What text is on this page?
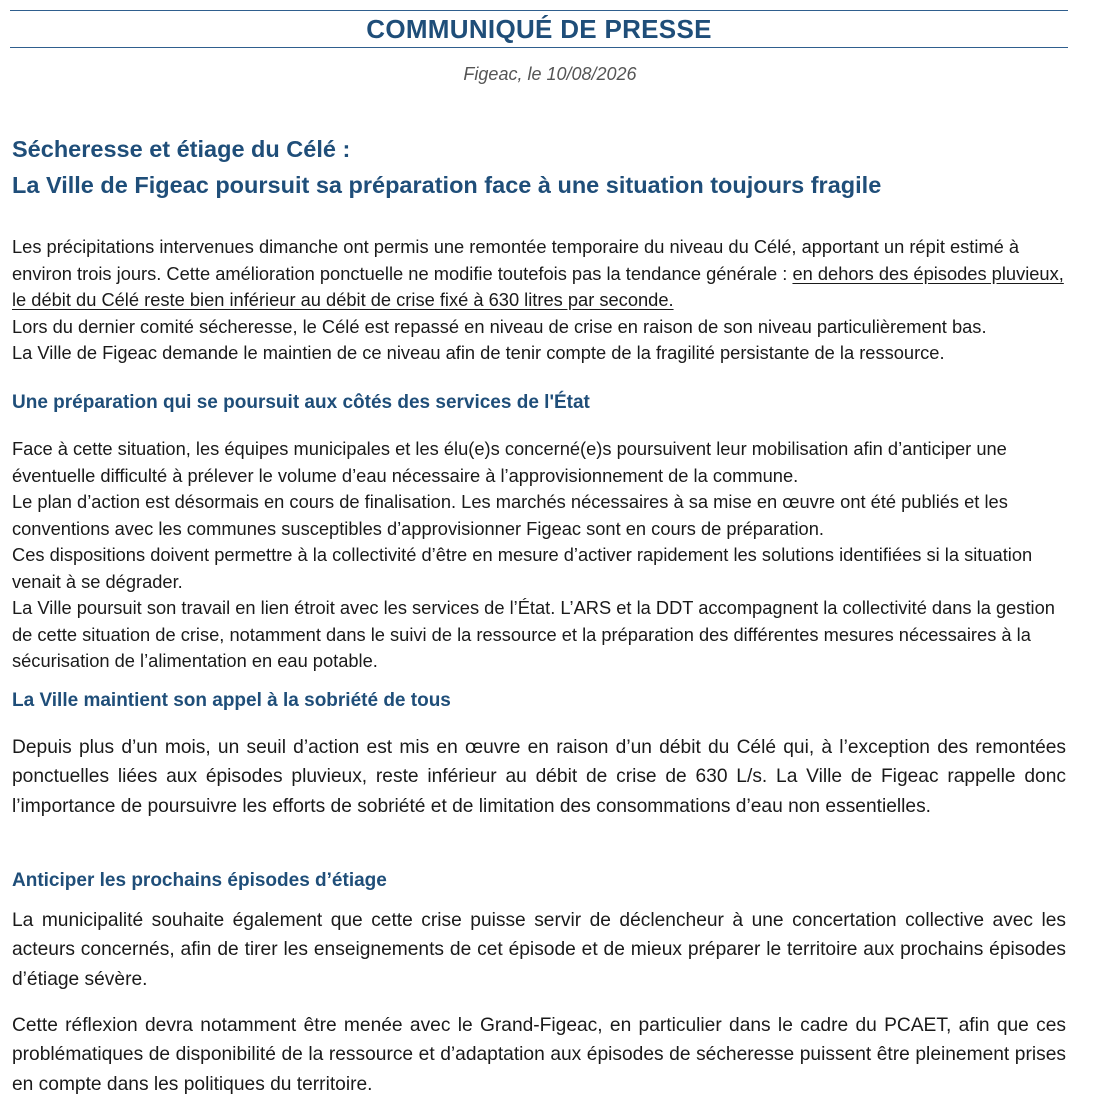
COMMUNIQUÉ DE PRESSE
Figeac, le 10/08/2026
Sécheresse et étiage du Célé :
La Ville de Figeac poursuit sa préparation face à une situation toujours fragile

Les précipitations intervenues dimanche ont permis une remontée temporaire du niveau du Célé, apportant un répit estimé à environ trois jours. Cette amélioration ponctuelle ne modifie toutefois pas la tendance générale : en dehors des épisodes pluvieux, le débit du Célé reste bien inférieur au débit de crise fixé à 630 litres par seconde.

Lors du dernier comité sécheresse, le Célé est repassé en niveau de crise en raison de son niveau particulièrement bas.

La Ville de Figeac demande le maintien de ce niveau afin de tenir compte de la fragilité persistante de la ressource.

Une préparation qui se poursuit aux côtés des services de l'État

Face à cette situation, les équipes municipales et les élu(e)s concerné(e)s poursuivent leur mobilisation afin d’anticiper une éventuelle difficulté à prélever le volume d’eau nécessaire à l’approvisionnement de la commune.

Le plan d’action est désormais en cours de finalisation. Les marchés nécessaires à sa mise en œuvre ont été publiés et les conventions avec les communes susceptibles d’approvisionner Figeac sont en cours de préparation.

Ces dispositions doivent permettre à la collectivité d’être en mesure d’activer rapidement les solutions identifiées si la situation venait à se dégrader.

La Ville poursuit son travail en lien étroit avec les services de l’État. L’ARS et la DDT accompagnent la collectivité dans la gestion de cette situation de crise, notamment dans le suivi de la ressource et la préparation des différentes mesures nécessaires à la sécurisation de l’alimentation en eau potable.

La Ville maintient son appel à la sobriété de tous
Depuis plus d’un mois, un seuil d’action est mis en œuvre en raison d’un débit du Célé qui, à l’exception des remontées ponctuelles liées aux épisodes pluvieux, reste inférieur au débit de crise de 630 L/s. La Ville de Figeac rappelle donc l’importance de poursuivre les efforts de sobriété et de limitation des consommations d’eau non essentielles.
Anticiper les prochains épisodes d’étiage
La municipalité souhaite également que cette crise puisse servir de déclencheur à une concertation collective avec les acteurs concernés, afin de tirer les enseignements de cet épisode et de mieux préparer le territoire aux prochains épisodes d’étiage sévère.
Cette réflexion devra notamment être menée avec le Grand-Figeac, en particulier dans le cadre du PCAET, afin que ces problématiques de disponibilité de la ressource et d’adaptation aux épisodes de sécheresse puissent être pleinement prises en compte dans les politiques du territoire.
